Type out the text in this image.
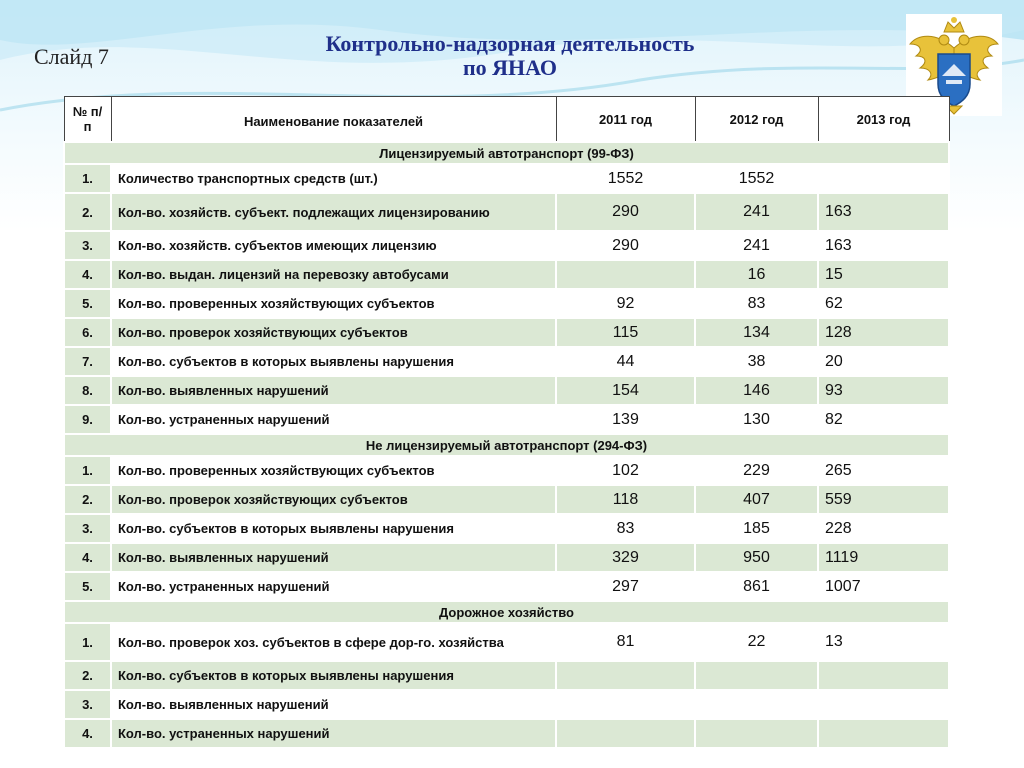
Слайд 7
Контрольно-надзорная деятельность
по ЯНАО
№ п/п	Наименование показателей	2011 год	2012 год	2013 год
Лицензируемый автотранспорт (99-ФЗ)				
1.	Количество транспортных средств (шт.)	1552	1552	
2.	Кол-во. хозяйств. субъект. подлежащих лицензированию	290	241	163
3.	Кол-во. хозяйств. субъектов имеющих лицензию	290	241	163
4.	Кол-во. выдан. лицензий на перевозку автобусами		16	15
5.	Кол-во. проверенных хозяйствующих субъектов	92	83	62
6.	Кол-во. проверок хозяйствующих субъектов	115	134	128
7.	Кол-во. субъектов в которых выявлены нарушения	44	38	20
8.	Кол-во. выявленных нарушений	154	146	93
9.	Кол-во. устраненных нарушений	139	130	82
Не лицензируемый автотранспорт (294-ФЗ)				
1.	Кол-во. проверенных хозяйствующих субъектов	102	229	265
2.	Кол-во. проверок хозяйствующих субъектов	118	407	559
3.	Кол-во. субъектов в которых выявлены нарушения	83	185	228
4.	Кол-во. выявленных нарушений	329	950	1119
5.	Кол-во. устраненных нарушений	297	861	1007
Дорожное хозяйство				
1.	Кол-во. проверок хоз. субъектов в сфере дор-го. хозяйства	81	22	13
2.	Кол-во. субъектов в которых выявлены нарушения			
3.	Кол-во. выявленных нарушений			
4.	Кол-во. устраненных нарушений			
